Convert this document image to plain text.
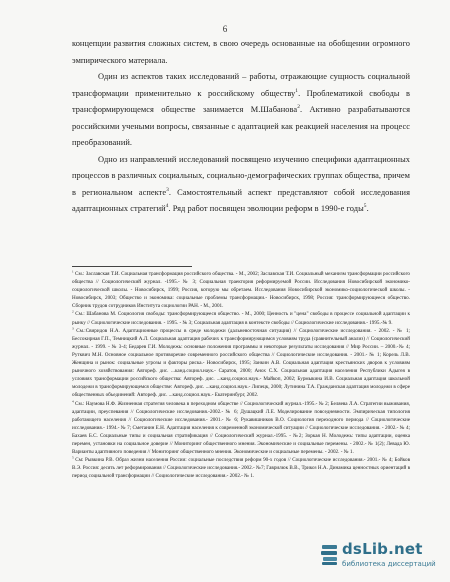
6

концепции развития сложных систем, в свою очередь основанные на обобщении огромного эмпирического материала.

Один из аспектов таких исследований – работы, отражающие сущность социальной трансформации применительно к российскому обществу$^1$. Проблематикой свободы в трансформирующемся обществе занимается М.Шабанова$^2$. Активно разрабатываются российскими учеными вопросы, связанные с адаптацией как реакцией населения на процесс преобразований.

Одно из направлений исследований посвящено изучению специфики адаптационных процессов в различных социальных, социально-демографических группах общества, причем в региональном аспекте$^3$. Самостоятельный аспект представляют собой исследования адаптационных стратегий$^4$. Ряд работ посвящен эволюции реформ в 1990-е годы$^5$.

$^1$ См.: Заславская Т.И. Социальная трансформация российского общества. - М., 2002; Заславская Т.И. Социальный механизм трансформации российского общества // Социологический журнал. -1995.- № 3; Социальная траектория реформируемой России. Исследования Новосибирской экономико-социологической школы. - Новосибирск, 1999; Россия, которую мы обретаем. Исследования Новосибирской экономико-социологической школы. - Новосибирск, 2003; Общество и экономика: социальные проблемы трансформации.- Новосибирск, 1998; Россия: трансформирующееся общество. Сборник трудов сотрудников Института социологии РАН. - М., 2001.

$^2$ См.: Шабанова М. Социология свободы: трансформирующееся общество. - М., 2000; Ценность и "цена" свободы в процессе социальной адаптации к рынку // Социологические исследования. - 1995. - № 3; Социальная адаптация в контексте свободы // Социологические исследования.- 1995.-№ 9.

$^3$ См.:Свиридов Н.А. Адаптационные процессы в среде молодежи (дальневосточная ситуация) // Социологические исследования. - 2002. - № 1; Бессокирная Г.П., Темницкий А.Л. Социальная адаптация рабочих к трансформирующимся условиям труда (сравнительный анализ) // Социологический журнал. - 1999. - № 3-4; Бедарев Г.И. Молодежь: основные положения программы и некоторые результаты исследования // Мир России. – 2000.-№ 4; Рутквич М.Н. Основное социальное противоречие современного российского общества // Социологические исследования. - 2001.- № 1; Корель Л.В. Женщина и рынок: социальные угрозы и факторы риска.- Новосибирск, 1995; Занкин А.В. Социальная адаптация крестьянских дворов к условиям рыночного хозяйствования: Автореф. дис. ...канд.социол.наук.- Саратов, 2000; Анох С.Х. Социальная адаптация населения Республики Адыгея в условиях трансформации российского общества: Автореф. дис. ...канд.социол.наук.- Майкоп, 2002; Бурмыкина И.В. Социальная адаптация школьной молодежи в трансформирующемся обществе: Автореф. дис. ...канд.социол.наук.- Липецк, 2000; Лутинина Т.А. Гражданская адаптация молодежи в сфере общественных объединений: Автореф. дис. ...канд.социол.наук.- Екатеринбург, 2002.

$^4$ См.: Наумова Н.Ф. Жизненная стратегия человека в переходном обществе // Социологический журнал.-1995.- № 2; Беляева Л.А. Стратегии выживания, адаптации, преуспевания // Социологические исследования.-2002.- № 6; Душацкий Л.Е. Моделирование повседневности. Эмпирическая типология работающего населения // Социологические исследования.- 2001.- № 6; Рукавишников В.О. Социология переходного периода // Социологические исследования.- 1994.- № 7; Сметанин Е.Н. Адаптация населения к современной экономической ситуации // Социологические исследования. - 2002.- № 4; Бахаев Б.С. Социальные типы и социальная стратификация // Социологический журнал.-1995. - №2; Зоркая Н. Молодежь: типы адаптации, оценка перемен, установки на социальное доверие // Мониторинг общественного мнения. Экономические и социальные перемены. - 2002.- № 1(2); Левада Ю. Варианты адаптивного поведения // Мониторинг общественного мнения. Экономические и социальные перемены. - 2002. - № 1.

$^5$ См: Рывкина Р.В. Образ жизни населения России: социальные последствия реформ 90-х годов // Социологические исследования.- 2001.- № 4; Бойков В.Э. Россия: десять лет реформирования // Социологические исследования.- 2002.- №7; Гаврилюк В.В., Трикоз Н.А. Динамика ценностных ориентаций в период социальной трансформации // Социологические исследования.- 2002.- № 1.

dsLib.net
библиотека диссертаций
